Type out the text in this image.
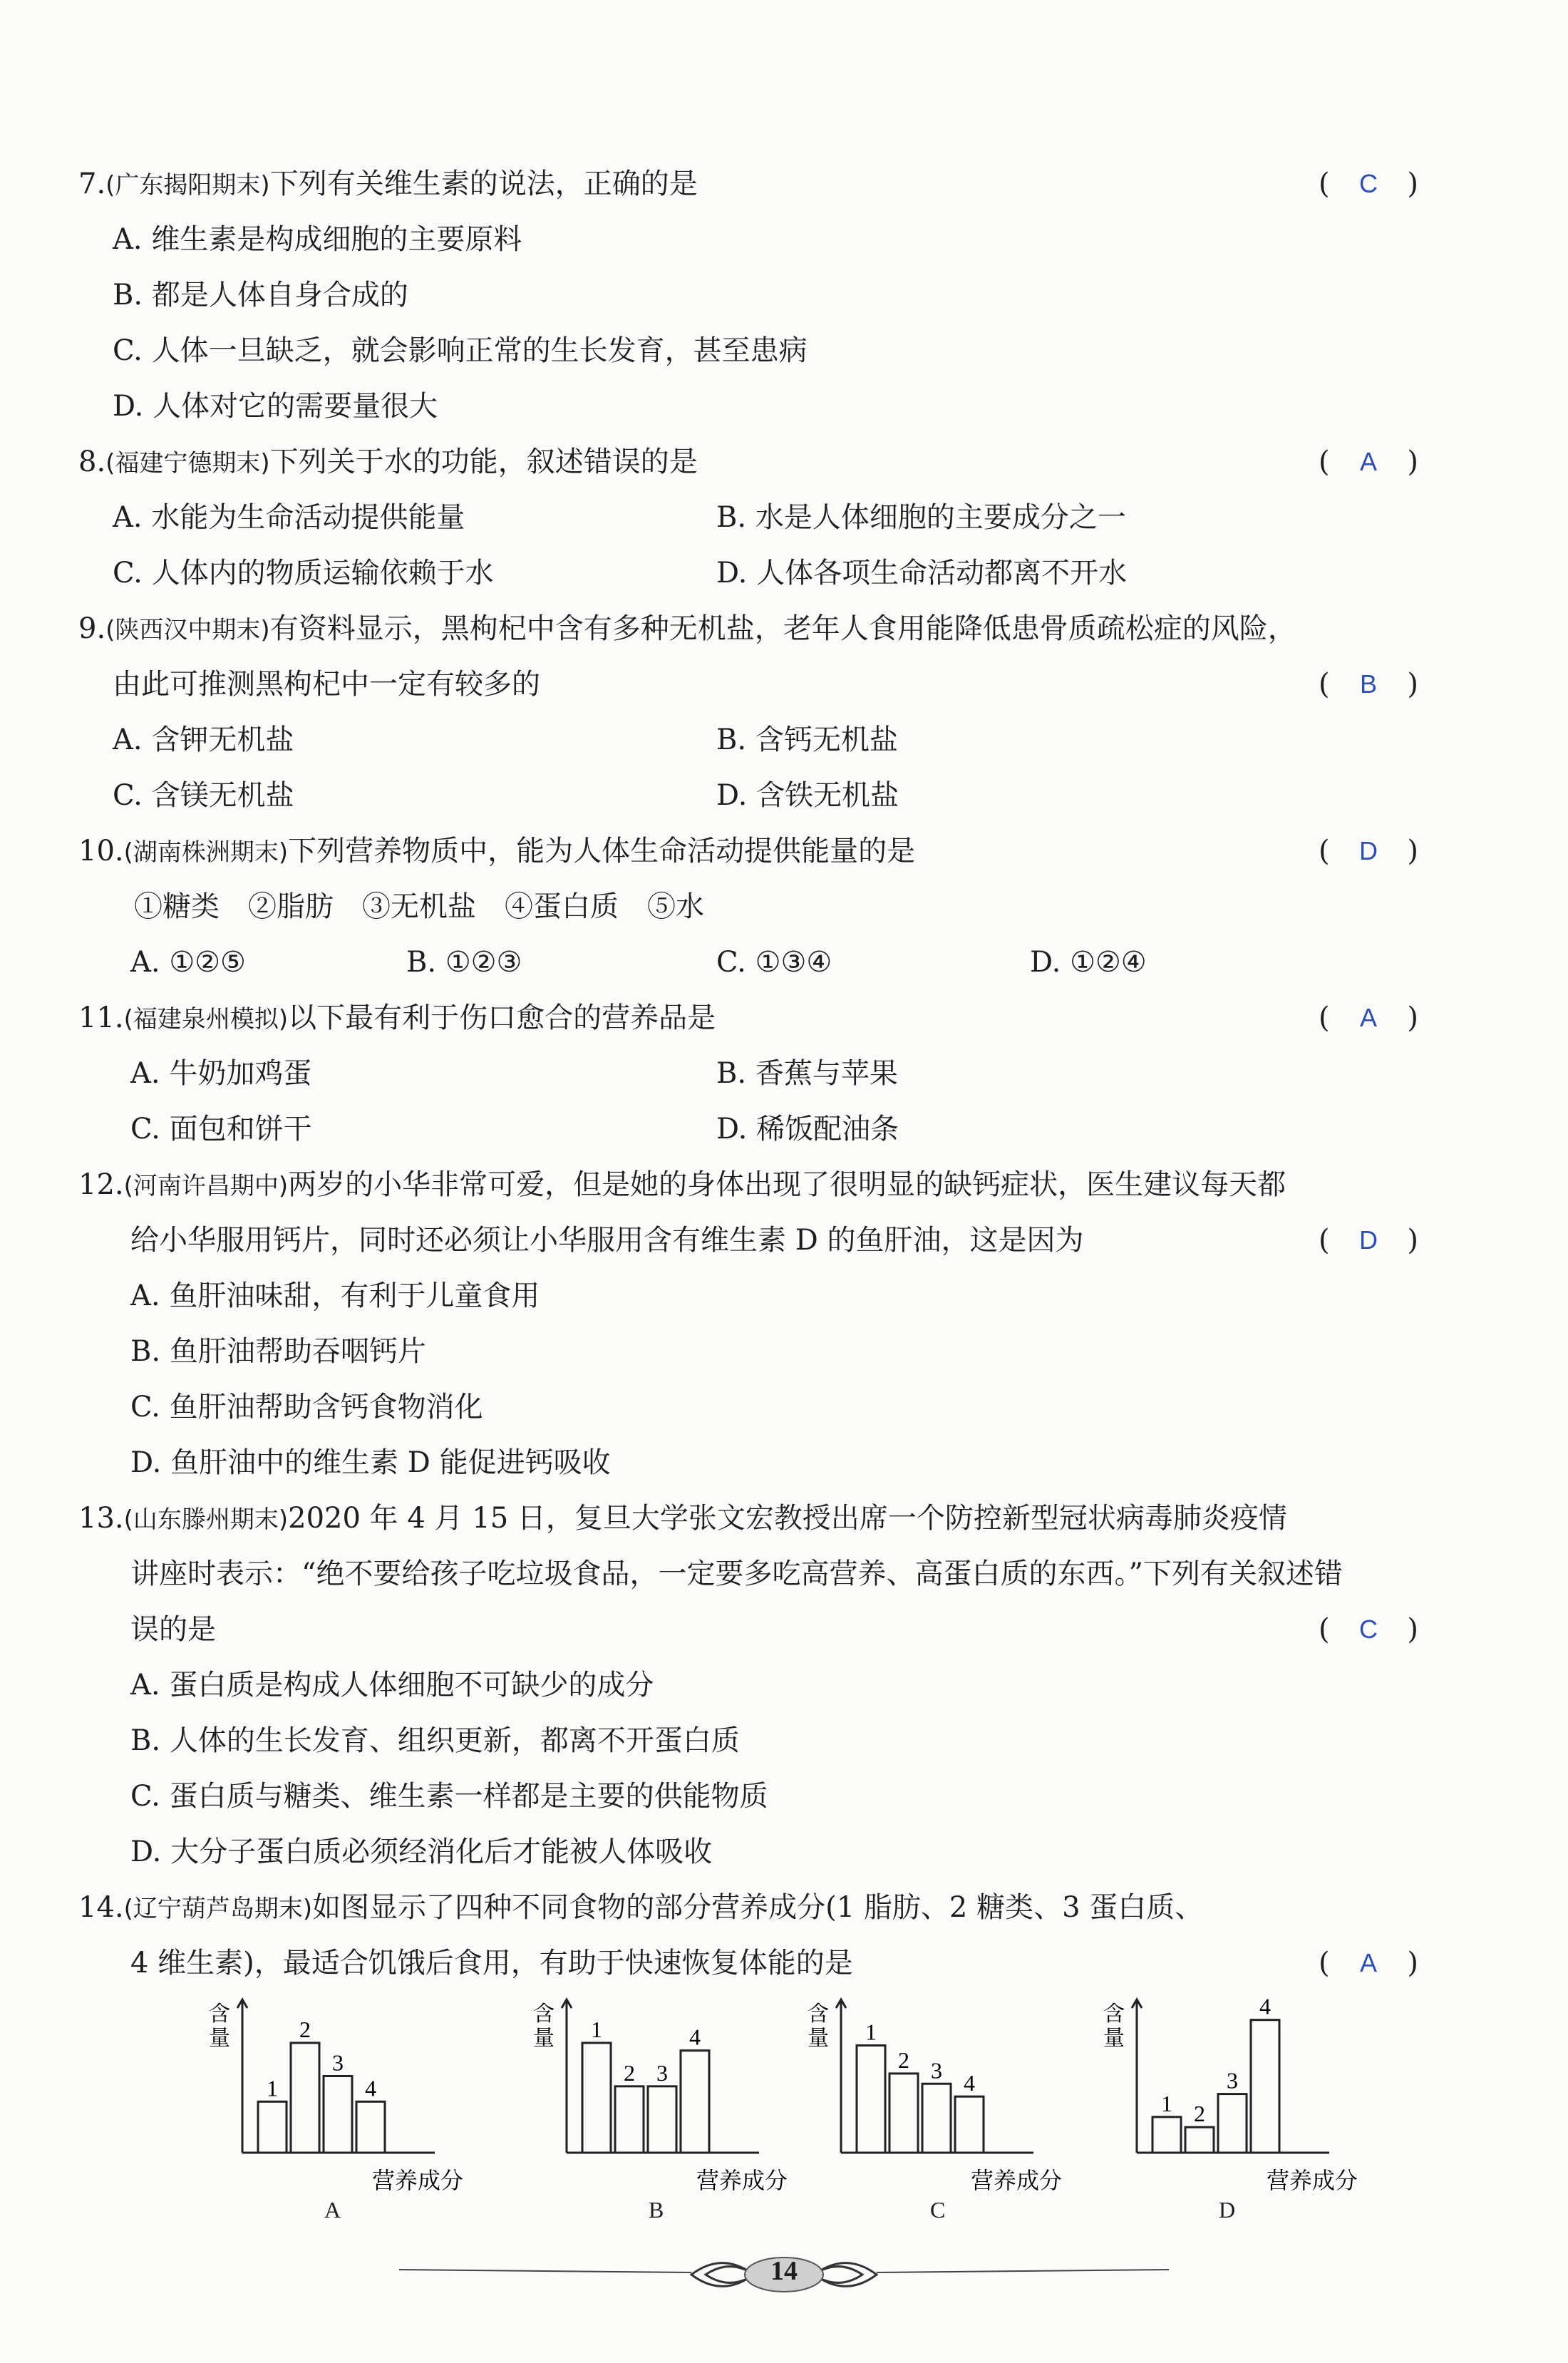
7.(广东揭阳期末)下列有关维生素的说法，正确的是	( C )
A. 维生素是构成细胞的主要原料
B. 都是人体自身合成的
C. 人体一旦缺乏，就会影响正常的生长发育，甚至患病
D. 人体对它的需要量很大
8.(福建宁德期末)下列关于水的功能，叙述错误的是	( A )
A. 水能为生命活动提供能量	B. 水是人体细胞的主要成分之一
C. 人体内的物质运输依赖于水	D. 人体各项生命活动都离不开水
9.(陕西汉中期末)有资料显示，黑枸杞中含有多种无机盐，老年人食用能降低患骨质疏松症的风险，
由此可推测黑枸杞中一定有较多的	( B )
A. 含钾无机盐	B. 含钙无机盐
C. 含镁无机盐	D. 含铁无机盐
10.(湖南株洲期末)下列营养物质中，能为人体生命活动提供能量的是	( D )
①糖类　②脂肪　③无机盐　④蛋白质　⑤水
A. ①②⑤	B. ①②③	C. ①③④	D. ①②④
11.(福建泉州模拟)以下最有利于伤口愈合的营养品是	( A )
A. 牛奶加鸡蛋	B. 香蕉与苹果
C. 面包和饼干	D. 稀饭配油条
12.(河南许昌期中)两岁的小华非常可爱，但是她的身体出现了很明显的缺钙症状，医生建议每天都
给小华服用钙片，同时还必须让小华服用含有维生素 D 的鱼肝油，这是因为	( D )
A. 鱼肝油味甜，有利于儿童食用
B. 鱼肝油帮助吞咽钙片
C. 鱼肝油帮助含钙食物消化
D. 鱼肝油中的维生素 D 能促进钙吸收
13.(山东滕州期末)2020 年 4 月 15 日，复旦大学张文宏教授出席一个防控新型冠状病毒肺炎疫情
讲座时表示：“绝不要给孩子吃垃圾食品，一定要多吃高营养、高蛋白质的东西。”下列有关叙述错
误的是	( C )
A. 蛋白质是构成人体细胞不可缺少的成分
B. 人体的生长发育、组织更新，都离不开蛋白质
C. 蛋白质与糖类、维生素一样都是主要的供能物质
D. 大分子蛋白质必须经消化后才能被人体吸收
14.(辽宁葫芦岛期末)如图显示了四种不同食物的部分营养成分(1 脂肪、2 糖类、3 蛋白质、
4 维生素)，最适合饥饿后食用，有助于快速恢复体能的是	( A )
含
量
营养成分
1
2
3
4
含
量
营养成分
1
2 3
4
含
量
营养成分
1
2 3 4
含
量
营养成分
1 2
3
4
A	B	C	D
14
